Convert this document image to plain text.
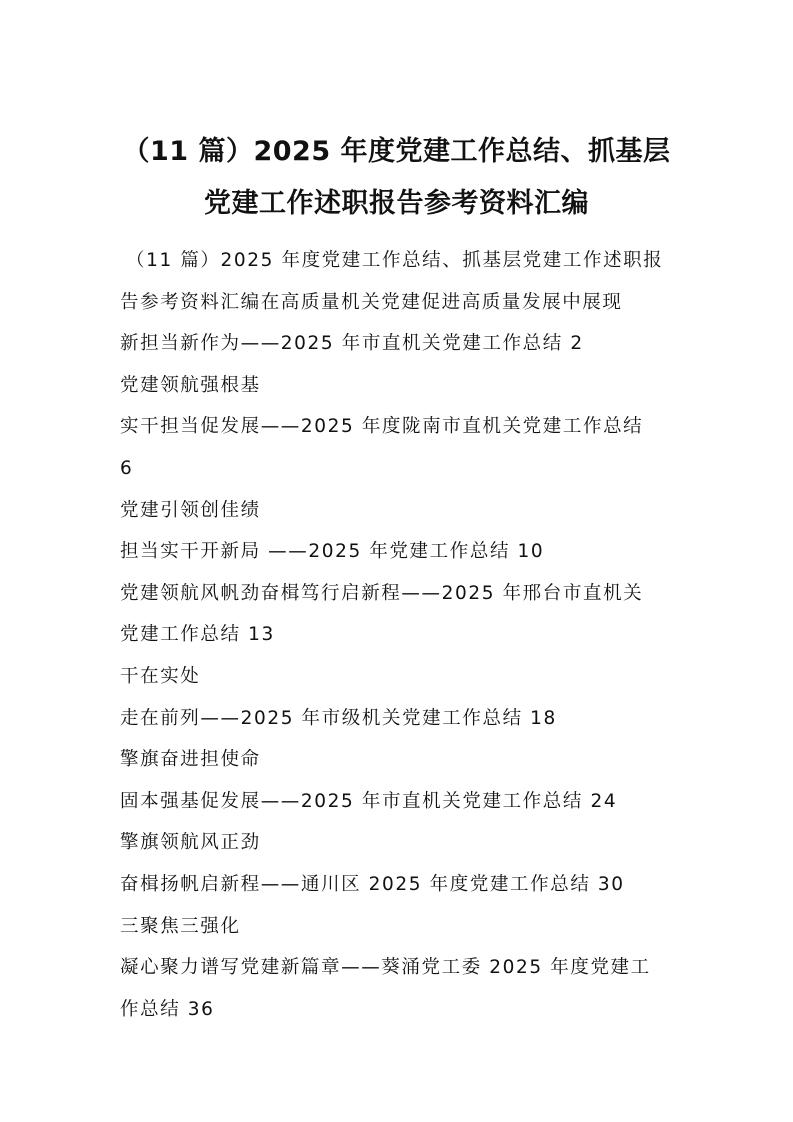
（11 篇）2025 年度党建工作总结、抓基层
党建工作述职报告参考资料汇编
（11 篇）2025 年度党建工作总结、抓基层党建工作述职报
告参考资料汇编在高质量机关党建促进高质量发展中展现
新担当新作为——2025 年市直机关党建工作总结 2
党建领航强根基
实干担当促发展——2025 年度陇南市直机关党建工作总结
6
党建引领创佳绩
担当实干开新局 ——2025 年党建工作总结 10
党建领航风帆劲奋楫笃行启新程——2025 年邢台市直机关
党建工作总结 13
干在实处
走在前列——2025 年市级机关党建工作总结 18
擎旗奋进担使命
固本强基促发展——2025 年市直机关党建工作总结 24
擎旗领航风正劲
奋楫扬帆启新程——通川区 2025 年度党建工作总结 30
三聚焦三强化
凝心聚力谱写党建新篇章——葵涌党工委 2025 年度党建工
作总结 36
